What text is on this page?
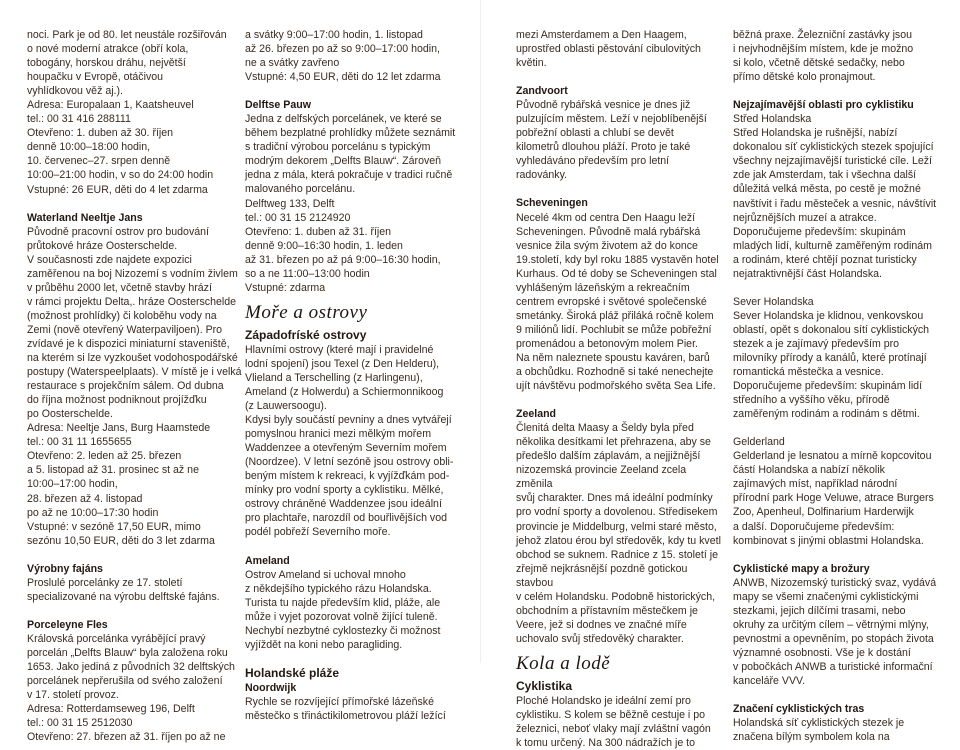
noci. Park je od 80. let neustále rozšiřován
o nové moderní atrakce (obří kola,
tobogány, horskou dráhu, největší
houpačku v Evropě, otáčivou
vyhlídkovou věž aj.).
Adresa: Europalaan 1, Kaatsheuvel
tel.: 00 31 416 288111
Otevřeno: 1. duben až 30. říjen
denně 10:00–18:00 hodin,
10. červenec–27. srpen denně
10:00–21:00 hodin, v so do 24:00 hodin
Vstupné: 26 EUR, děti do 4 let zdarma
Waterland Neeltje Jans
Původně pracovní ostrov pro budování
průtokové hráze Oosterschelde.
V současnosti zde najdete expozici
zaměřenou na boj Nizozemí s vodním živlem
v průběhu 2000 let, včetně stavby hrází
v rámci projektu Delta,. hráze Oosterschelde
(možnost prohlídky) či koloběhu vody na
Zemi (nově otevřený Waterpaviljoen). Pro
zvídavé je k dispozici miniaturní staveniště,
na kterém si lze vyzkoušet vodohospodářské
postupy (Waterspeelplaats). V místě je i velká
restaurace s projekčním sálem. Od dubna
do října možnost podniknout projížďku
po Oosterschelde.
Adresa: Neeltje Jans, Burg Haamstede
tel.: 00 31 11 1655655
Otevřeno: 2. leden až 25. březen
a 5. listopad až 31. prosinec st až ne
10:00–17:00 hodin,
28. březen až 4. listopad
po až ne 10:00–17:30 hodin
Vstupné: v sezóně 17,50 EUR, mimo
sezónu 10,50 EUR, děti do 3 let zdarma
Výrobny fajáns
Proslulé porcelánky ze 17. století
specializované na výrobu delftské fajáns.
Porceleyne Fles
Královská porcelánka vyrábějící pravý
porcelán „Delfts Blauw“ byla založena roku
1653. Jako jediná z původních 32 delftských
porcelánek nepřerušila od svého založení
v 17. století provoz.
Adresa: Rotterdamseweg 196, Delft
tel.: 00 31 15 2512030
Otevřeno: 27. březen až 31. říjen po až ne
a svátky 9:00–17:00 hodin, 1. listopad
až 26. březen po až so 9:00–17:00 hodin,
ne a svátky zavřeno
Vstupné: 4,50 EUR, děti do 12 let zdarma
Delftse Pauw
Jedna z delfských porcelánek, ve které se
během bezplatné prohlídky můžete seznámit
s tradiční výrobou porcelánu s typickým
modrým dekorem „Delfts Blauw“. Zároveň
jedna z mála, která pokračuje v tradici ručně
malovaného porcelánu.
Delftweg 133, Delft
tel.: 00 31 15 2124920
Otevřeno: 1. duben až 31. říjen
denně 9:00–16:30 hodin, 1. leden
až 31. březen po až pá 9:00–16:30 hodin,
so a ne 11:00–13:00 hodin
Vstupné: zdarma
Moře a ostrovy
Západofríské ostrovy
Hlavními ostrovy (které mají i pravidelné
lodní spojení) jsou Texel (z Den Helderu),
Vlieland a Terschelling (z Harlingenu),
Ameland (z Holwerdu) a Schiermonnikoog
(z Lauwersoogu).
Kdysi byly součástí pevniny a dnes vytvářejí
pomyslnou hranici mezi mělkým mořem
Waddenzee a otevřeným Severním mořem
(Noordzee). V letní sezóně jsou ostrovy obli-
beným místem k rekreaci, k vyjížďkám pod-
mínky pro vodní sporty a cyklistiku. Mělké,
ostrovy chráněné Waddenzee jsou ideální
pro plachtaře, narozdíl od bouřlivějších vod
podél pobřeží Severního moře.
Ameland
Ostrov Ameland si uchoval mnoho
z někdejšího typického rázu Holandska.
Turista tu najde především klid, pláže, ale
může i vyjet pozorovat volně žijící tuleně.
Nechybí nezbytné cyklostezky či možnost
vyjíždět na koni nebo paragliding.
Holandské pláže
Noordwijk
Rychle se rozvíjející přímořské lázeňské
městečko s třináctikilometrovou pláží ležící
mezi Amsterdamem a Den Haagem,
uprostřed oblasti pěstování cibulovitých
květin.
Zandvoort
Původně rybářská vesnice je dnes již
pulzujícím městem. Leží v nejoblíbenější
pobřežní oblasti a chlubí se devět
kilometrů dlouhou pláží. Proto je také
vyhledáváno především pro letní
radovánky.
Scheveningen
Necelé 4km od centra Den Haagu leží
Scheveningen. Původně malá rybářská
vesnice žila svým životem až do konce
19.století, kdy byl roku 1885 vystavěn hotel
Kurhaus. Od té doby se Scheveningen stal
vyhlášeným lázeňským a rekreačním
centrem evropské i světové společenské
smetánky. Široká pláž přiláká ročně kolem
9 miliónů lidí. Pochlubit se může pobřežní
promenádou a betonovým molem Pier.
Na něm naleznete spoustu kaváren, barů
a obchůdku. Rozhodně si také nenechejte
ujít návštěvu podmořského světa Sea Life.
Zeeland
Členitá delta Maasy a Šeldy byla před
několika desítkami let přehrazena, aby se
předešlo dalším záplavám, a nejjižnější
nizozemská provincie Zeeland zcela změnila
svůj charakter. Dnes má ideální podmínky
pro vodní sporty a dovolenou. Středisekem
provincie je Middelburg, velmi staré město,
jehož zlatou érou byl středověk, kdy tu kvetl
obchod se suknem. Radnice z 15. století je
zřejmě nejkrásnější pozdně gotickou stavbou
v celém Holandsku. Podobně historických,
obchodním a přístavním městečkem je
Veere, jež si dodnes ve značné míře
uchovalo svůj středověký charakter.
Kola a lodě
Cyklistika
Ploché Holandsko je ideální zemí pro
cyklistiku. S kolem se běžně cestuje i po
železnici, neboť vlaky mají zvláštní vagón
k tomu určený. Na 300 nádražích je to
běžná praxe. Železniční zastávky jsou
i nejvhodnějším místem, kde je možno
si kolo, včetně dětské sedačky, nebo
přímo dětské kolo pronajmout.
Nejzajímavější oblasti pro cyklistiku
Střed Holandska
Střed Holandska je rušnější, nabízí
dokonalou síť cyklistických stezek spojující
všechny nejzajímavější turistické cíle. Leží
zde jak Amsterdam, tak i všechna další
důležitá velká města, po cestě je možné
navštívit i řadu městeček a vesnic, návštívit
nejrůznějších muzeí a atrakce.
Doporučujeme především: skupinám
mladých lidí, kulturně zaměřeným rodinám
a rodinám, které chtějí poznat turisticky
nejatraktivnější část Holandska.
Sever Holandska
Sever Holandska je klidnou, venkovskou
oblastí, opět s dokonalou sítí cyklistických
stezek a je zajímavý především pro
milovníky přírody a kanálů, které protínají
romantická městečka a vesnice.
Doporučujeme především: skupinám lidí
středního a vyššího věku, přírodě
zaměřeným rodinám a rodinám s dětmi.
Gelderland
Gelderland je lesnatou a mírně kopcovitou
částí Holandska a nabízí několik
zajímavých míst, například národní
přírodní park Hoge Veluwe, atrace Burgers
Zoo, Apenheul, Dolfinarium Harderwijk
a další. Doporučujeme především:
kombinovat s jinými oblastmi Holandska.
Cyklistické mapy a brožury
ANWB, Nizozemský turistický svaz, vydává
mapy se všemi značenými cyklistickými
stezkami, jejich dílčími trasami, nebo
okruhy za určitým cílem – větrnými mlýny,
pevnostmi a opevněním, po stopách života
významné osobnosti. Vše je k dostání
v pobočkách ANWB a turistické informační
kanceláře VVV.
Značení cyklistických tras
Holandská síť cyklistických stezek je
značena bílým symbolem kola na
